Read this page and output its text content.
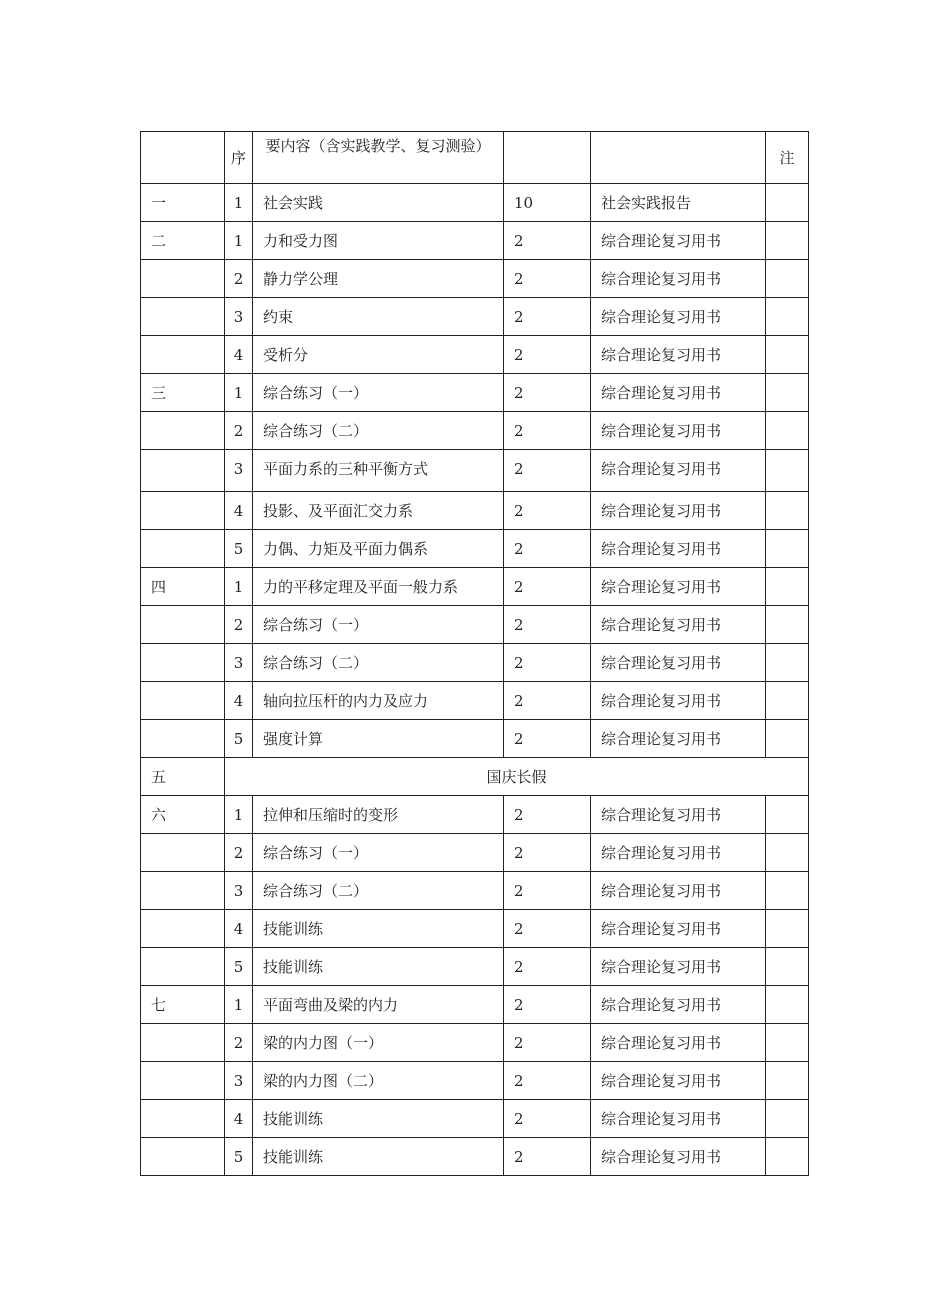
	序	要内容（含实践教学、复习测验）			注
一	1	社会实践	10	社会实践报告	
二	1	力和受力图	2	综合理论复习用书	
	2	静力学公理	2	综合理论复习用书	
	3	约束	2	综合理论复习用书	
	4	受析分	2	综合理论复习用书	
三	1	综合练习（一）	2	综合理论复习用书	
	2	综合练习（二）	2	综合理论复习用书	
	3	平面力系的三种平衡方式	2	综合理论复习用书	
	4	投影、及平面汇交力系	2	综合理论复习用书	
	5	力偶、力矩及平面力偶系	2	综合理论复习用书	
四	1	力的平移定理及平面一般力系	2	综合理论复习用书	
	2	综合练习（一）	2	综合理论复习用书	
	3	综合练习（二）	2	综合理论复习用书	
	4	轴向拉压杆的内力及应力	2	综合理论复习用书	
	5	强度计算	2	综合理论复习用书	
五	国庆长假				
六	1	拉伸和压缩时的变形	2	综合理论复习用书	
	2	综合练习（一）	2	综合理论复习用书	
	3	综合练习（二）	2	综合理论复习用书	
	4	技能训练	2	综合理论复习用书	
	5	技能训练	2	综合理论复习用书	
七	1	平面弯曲及梁的内力	2	综合理论复习用书	
	2	梁的内力图（一）	2	综合理论复习用书	
	3	梁的内力图（二）	2	综合理论复习用书	
	4	技能训练	2	综合理论复习用书	
	5	技能训练	2	综合理论复习用书	
